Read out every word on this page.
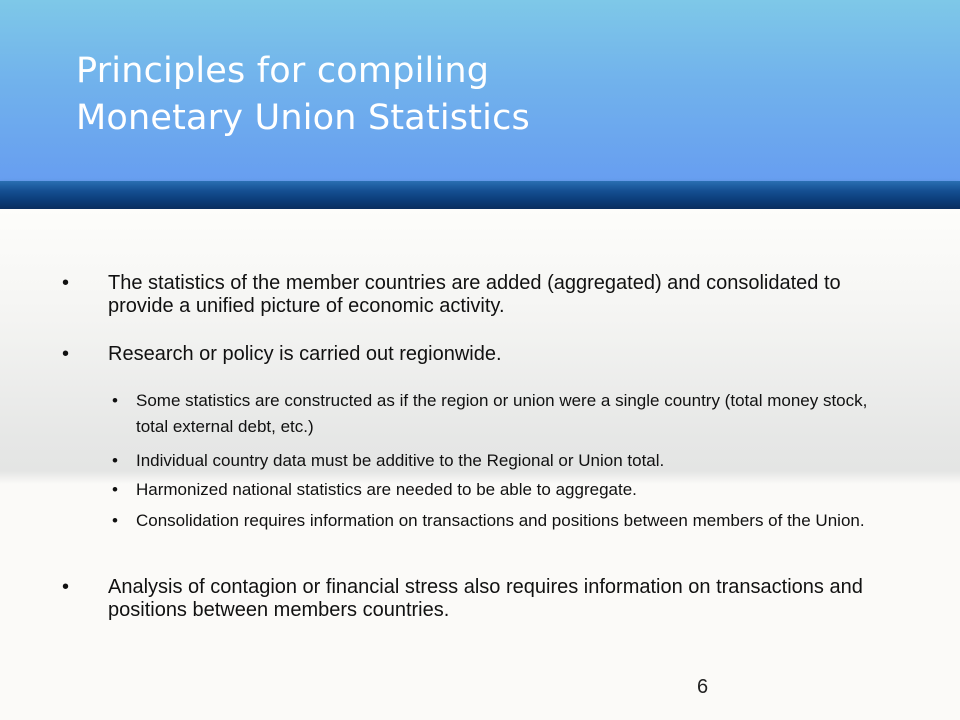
Principles for compiling
Monetary Union Statistics
• The statistics of the member countries are added (aggregated) and consolidated to provide a unified picture of economic activity.
• Research or policy is carried out regionwide.
• Some statistics are constructed as if the region or union were a single country (total money stock, total external debt, etc.)
• Individual country data must be additive to the Regional or Union total.
• Harmonized national statistics are needed to be able to aggregate.
• Consolidation requires information on transactions and positions between members of the Union.
• Analysis of contagion or financial stress also requires information on transactions and positions between members countries.
6
